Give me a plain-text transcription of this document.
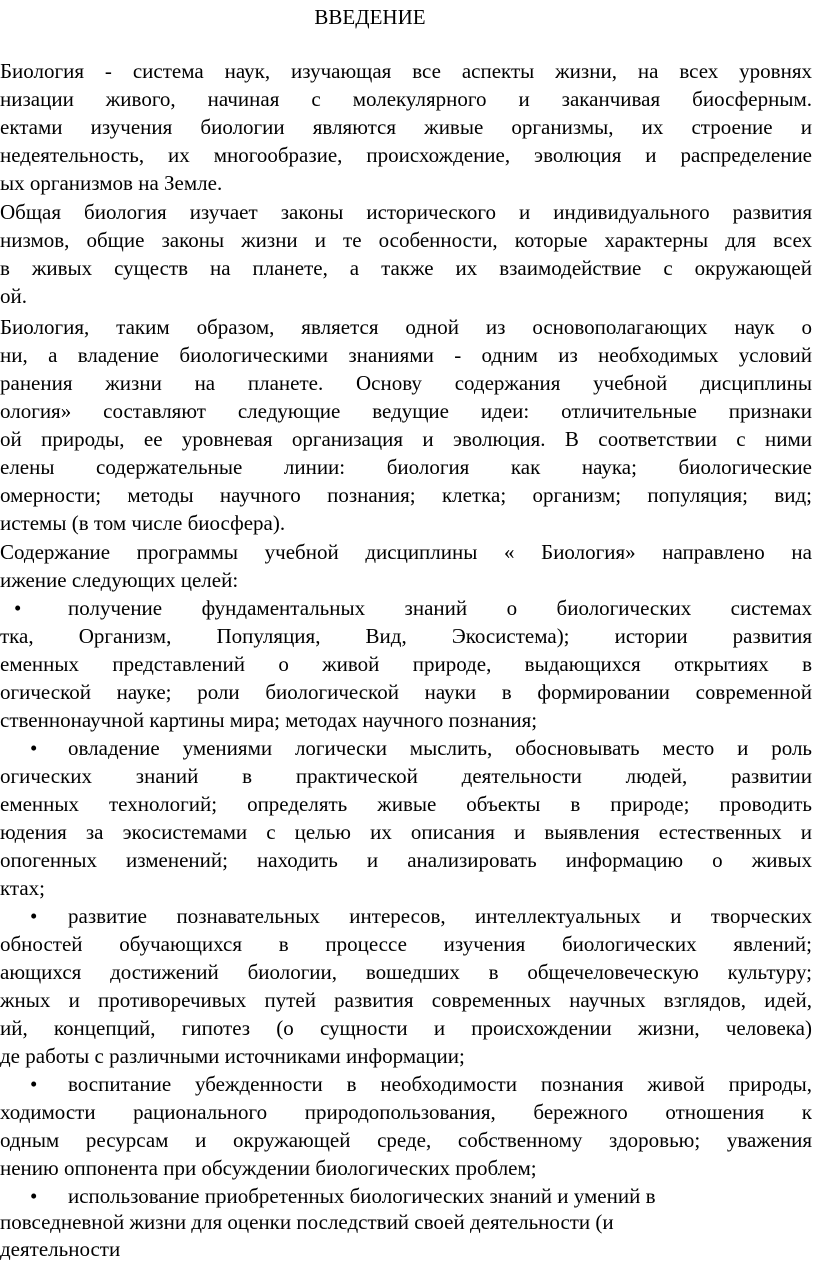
ВВЕДЕНИЕ
Биология - система наук, изучающая все аспекты жизни, на всех уровнях
низации живого, начиная с молекулярного и заканчивая биосферным.
ектами изучения биологии являются живые организмы, их строение и
недеятельность, их многообразие, происхождение, эволюция и распределение
ых организмов на Земле.
Общая биология изучает законы исторического и индивидуального развития
низмов, общие законы жизни и те особенности, которые характерны для всех
в живых существ на планете, а также их взаимодействие с окружающей
ой.
Биология, таким образом, является одной из основополагающих наук о
ни, а владение биологическими знаниями - одним из необходимых условий
ранения жизни на планете. Основу содержания учебной дисциплины
ология» составляют следующие ведущие идеи: отличительные признаки
ой природы, ее уровневая организация и эволюция. В соответствии с ними
елены содержательные линии: биология как наука; биологические
омерности; методы научного познания; клетка; организм; популяция; вид;
истемы (в том числе биосфера).
Содержание программы учебной дисциплины « Биология» направлено на
ижение следующих целей:
• получение фундаментальных знаний о биологических системах
тка, Организм, Популяция, Вид, Экосистема); истории развития
еменных представлений о живой природе, выдающихся открытиях в
огической науке; роли биологической науки в формировании современной
ственнонаучной картины мира; методах научного познания;
• овладение умениями логически мыслить, обосновывать место и роль
огических знаний в практической деятельности людей, развитии
еменных технологий; определять живые объекты в природе; проводить
юдения за экосистемами с целью их описания и выявления естественных и
опогенных изменений; находить и анализировать информацию о живых
ктах;
• развитие познавательных интересов, интеллектуальных и творческих
обностей обучающихся в процессе изучения биологических явлений;
ающихся достижений биологии, вошедших в общечеловеческую культуру;
жных и противоречивых путей развития современных научных взглядов, идей,
ий, концепций, гипотез (о сущности и происхождении жизни, человека)
де работы с различными источниками информации;
• воспитание убежденности в необходимости познания живой природы,
ходимости рационального природопользования, бережного отношения к
одным ресурсам и окружающей среде, собственному здоровью; уважения
нению оппонента при обсуждении биологических проблем;
• использование приобретенных биологических знаний и умений в
повседневной жизни для оценки последствий своей деятельности (и
деятельности
